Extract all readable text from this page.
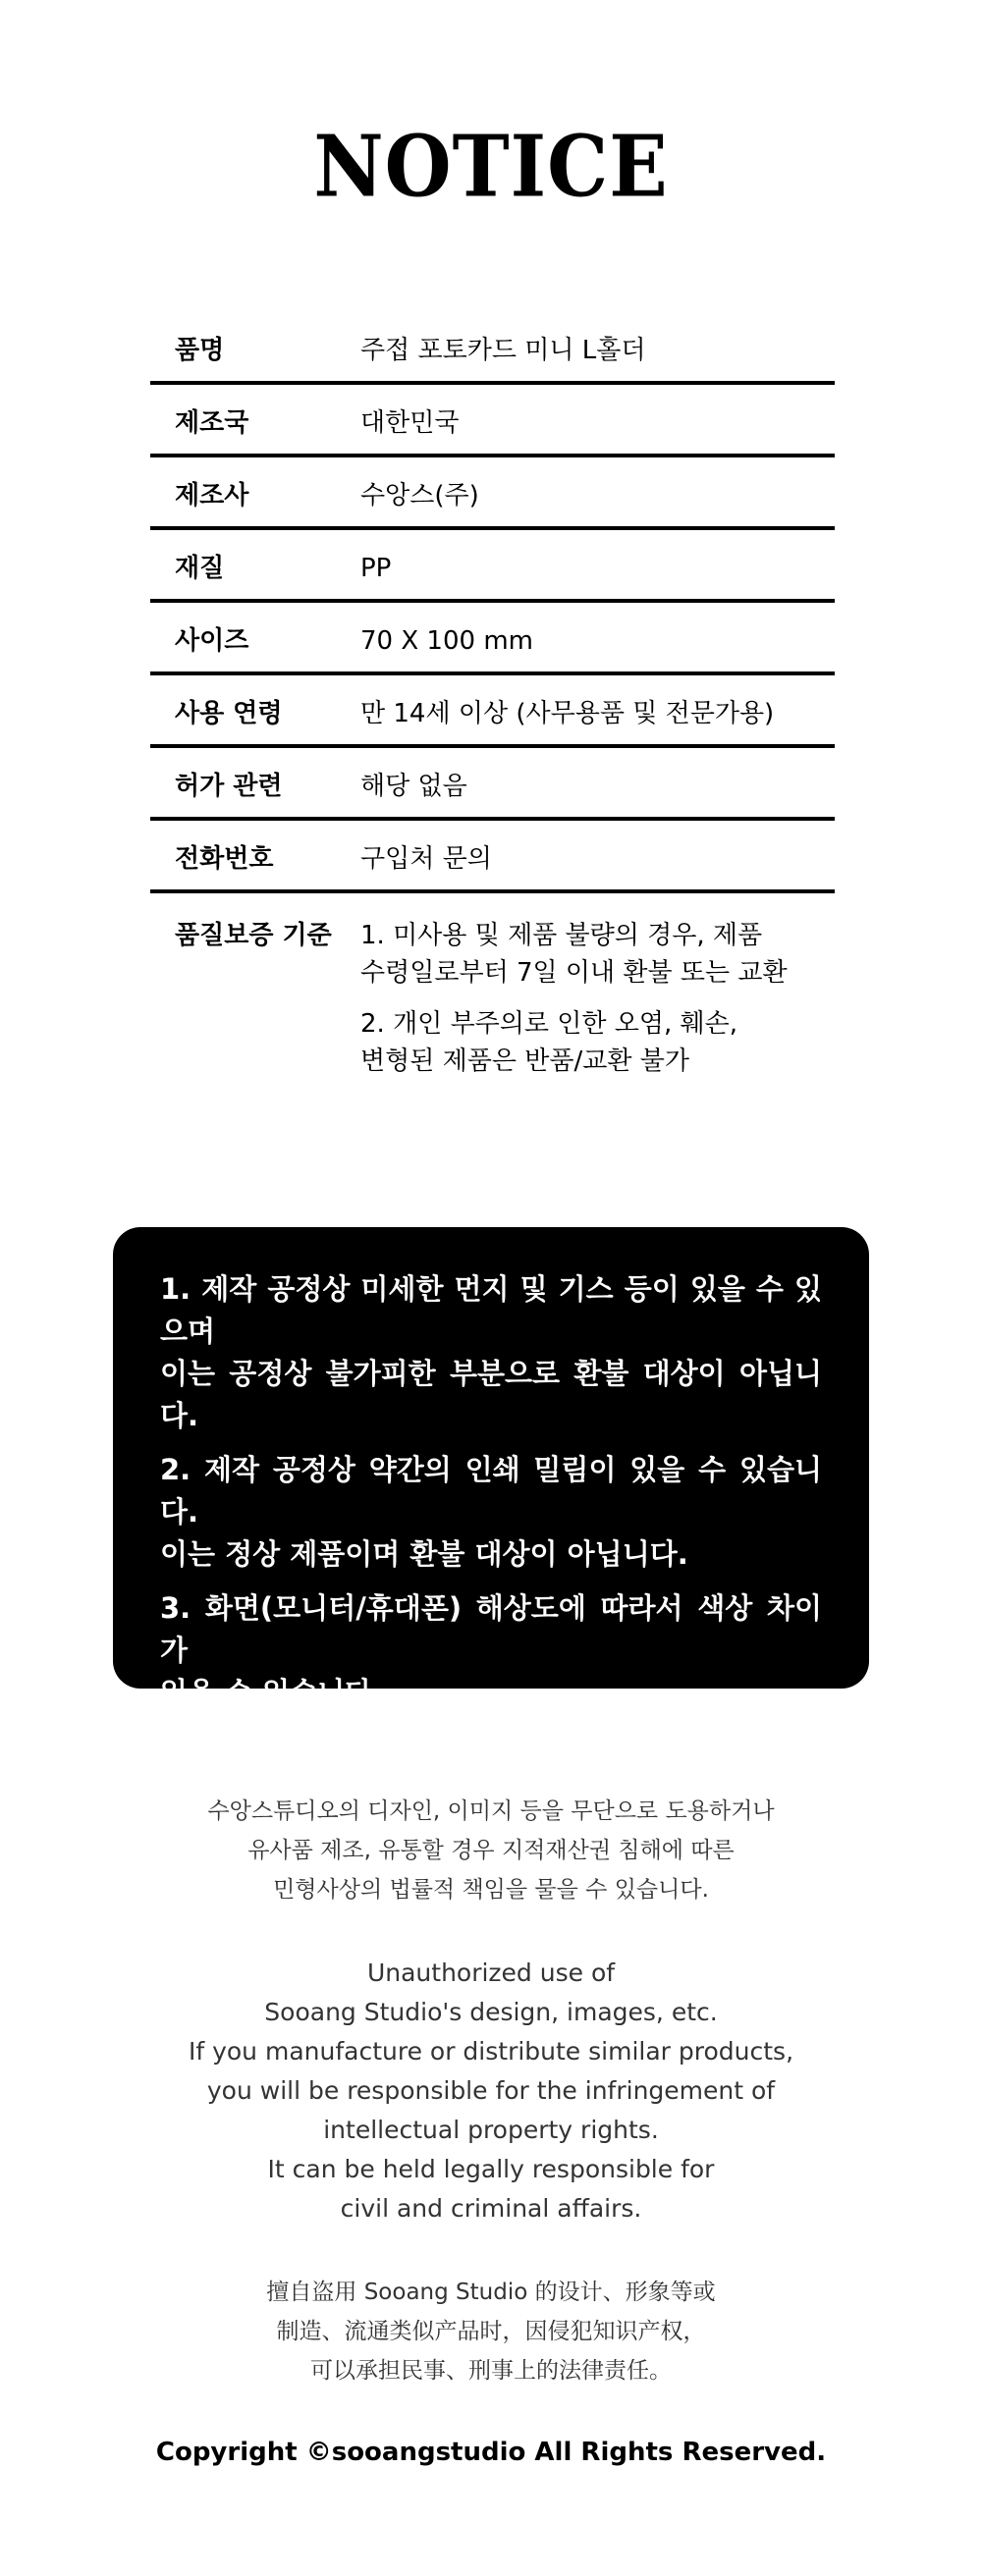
NOTICE
품명	주접 포토카드 미니 L홀더
제조국	대한민국
제조사	수앙스(주)
재질	PP
사이즈	70 X 100 mm
사용 연령	만 14세 이상 (사무용품 및 전문가용)
허가 관련	해당 없음
전화번호	구입처 문의
품질보증 기준	1. 미사용 및 제품 불량의 경우, 제품
수령일로부터 7일 이내 환불 또는 교환

2. 개인 부주의로 인한 오염, 훼손,
변형된 제품은 반품/교환 불가

1. 제작 공정상 미세한 먼지 및 기스 등이 있을 수 있으며
이는 공정상 불가피한 부분으로 환불 대상이 아닙니다.

2. 제작 공정상 약간의 인쇄 밀림이 있을 수 있습니다.
이는 정상 제품이며 환불 대상이 아닙니다.

3. 화면(모니터/휴대폰) 해상도에 따라서 색상 차이가
있을 수 있습니다.

4. 본 제품은 만 13세 이하의 어린이는 사용할 수
없습니다.

수앙스튜디오의 디자인, 이미지 등을 무단으로 도용하거나
유사품 제조, 유통할 경우 지적재산권 침해에 따른
민형사상의 법률적 책임을 물을 수 있습니다.
Unauthorized use of
Sooang Studio's design, images, etc.
If you manufacture or distribute similar products,
you will be responsible for the infringement of
intellectual property rights.
It can be held legally responsible for
civil and criminal affairs.
擅自盗用 Sooang Studio 的设计、形象等或
制造、流通类似产品时，因侵犯知识产权，
可以承担民事、刑事上的法律责任。
Copyright ©sooangstudio All Rights Reserved.
